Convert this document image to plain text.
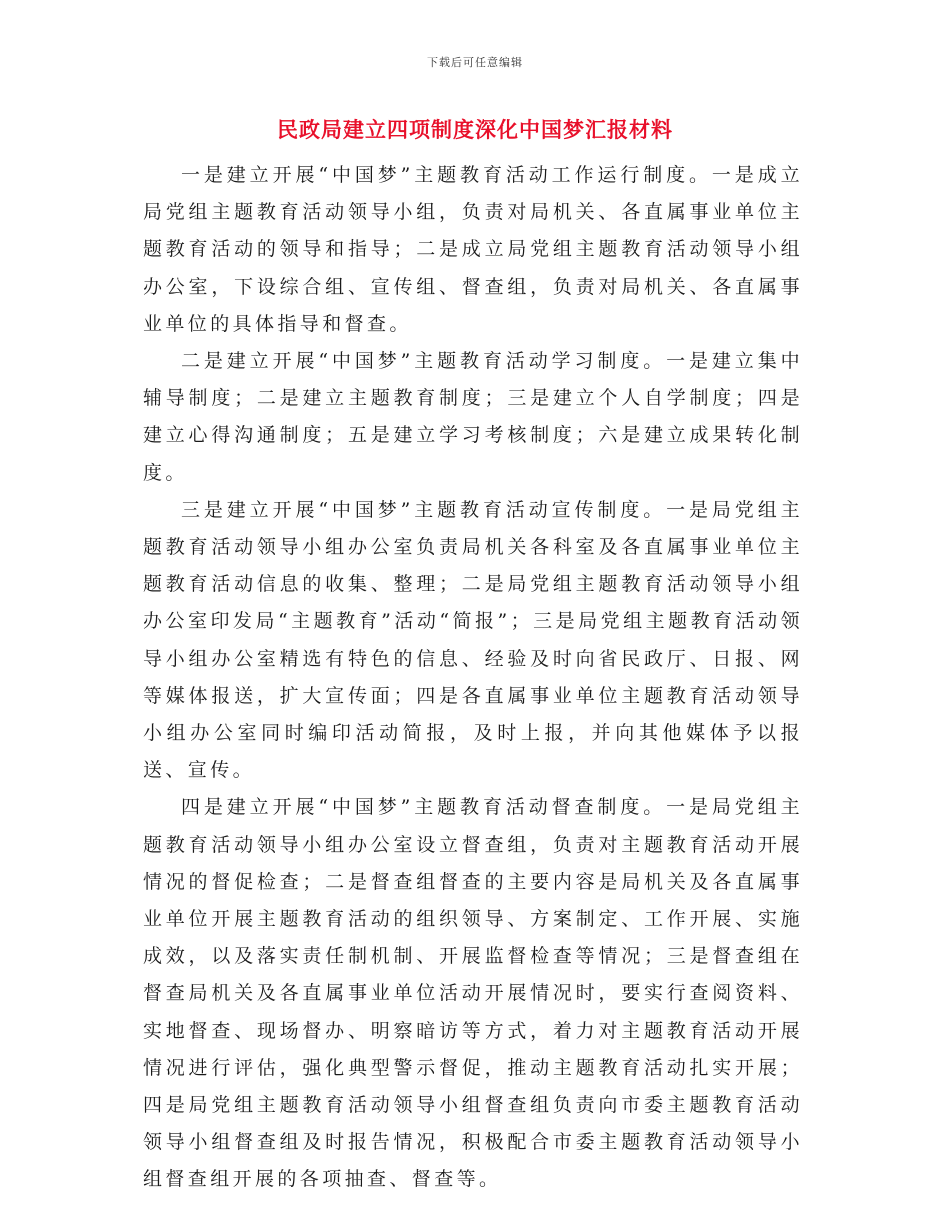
下载后可任意编辑
民政局建立四项制度深化中国梦汇报材料

一是建立开展“中国梦”主题教育活动工作运行制度。一是成立局党组主题教育活动领导小组，负责对局机关、各直属事业单位主题教育活动的领导和指导；二是成立局党组主题教育活动领导小组办公室，下设综合组、宣传组、督查组，负责对局机关、各直属事业单位的具体指导和督查。

二是建立开展“中国梦”主题教育活动学习制度。一是建立集中辅导制度；二是建立主题教育制度；三是建立个人自学制度；四是建立心得沟通制度；五是建立学习考核制度；六是建立成果转化制度。

三是建立开展“中国梦”主题教育活动宣传制度。一是局党组主题教育活动领导小组办公室负责局机关各科室及各直属事业单位主题教育活动信息的收集、整理；二是局党组主题教育活动领导小组办公室印发局“主题教育”活动“简报”；三是局党组主题教育活动领导小组办公室精选有特色的信息、经验及时向省民政厅、日报、网等媒体报送，扩大宣传面；四是各直属事业单位主题教育活动领导小组办公室同时编印活动简报，及时上报，并向其他媒体予以报送、宣传。

四是建立开展“中国梦”主题教育活动督查制度。一是局党组主题教育活动领导小组办公室设立督查组，负责对主题教育活动开展情况的督促检查；二是督查组督查的主要内容是局机关及各直属事业单位开展主题教育活动的组织领导、方案制定、工作开展、实施成效，以及落实责任制机制、开展监督检查等情况；三是督查组在督查局机关及各直属事业单位活动开展情况时，要实行查阅资料、实地督查、现场督办、明察暗访等方式，着力对主题教育活动开展情况进行评估，强化典型警示督促，推动主题教育活动扎实开展；四是局党组主题教育活动领导小组督查组负责向市委主题教育活动领导小组督查组及时报告情况，积极配合市委主题教育活动领导小组督查组开展的各项抽查、督查等。
